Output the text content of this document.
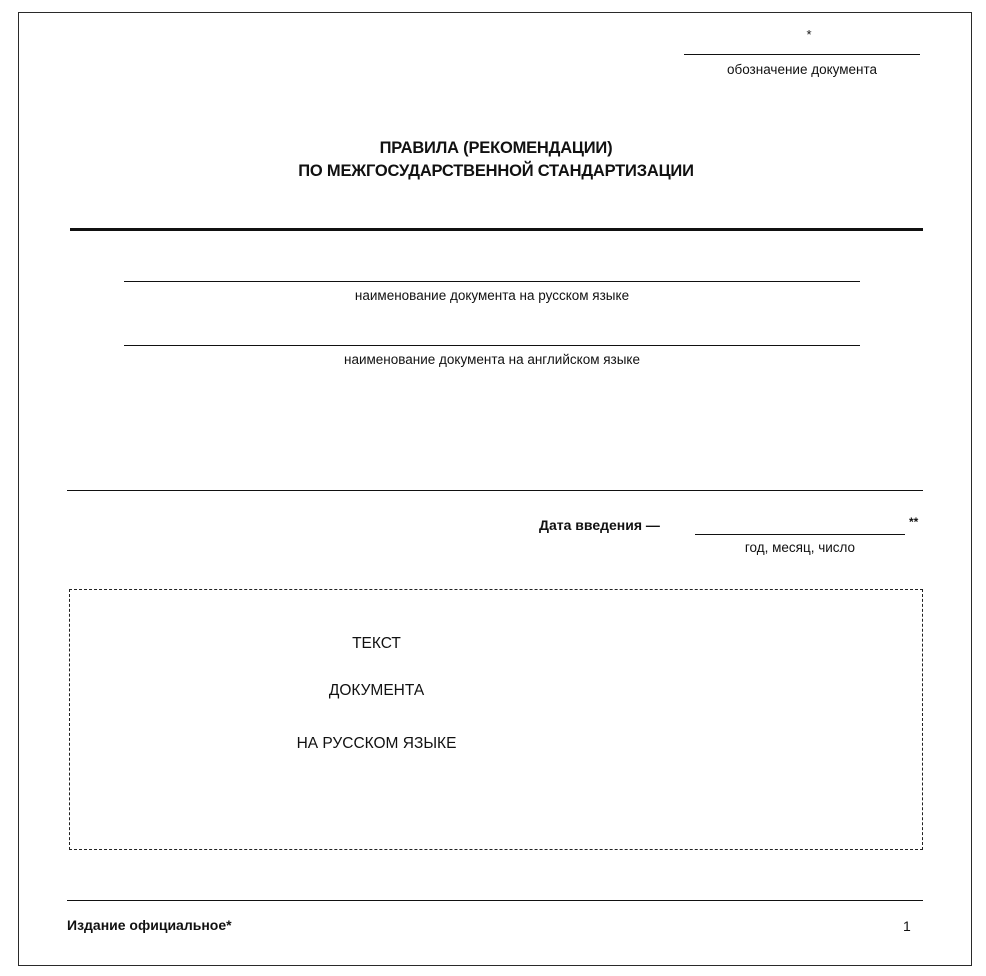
*
обозначение документа
ПРАВИЛА (РЕКОМЕНДАЦИИ)
ПО МЕЖГОСУДАРСТВЕННОЙ СТАНДАРТИЗАЦИИ
наименование документа на русском языке
наименование документа на английском языке
Дата введения —	**
год, месяц, число
ТЕКСТ
ДОКУМЕНТА
НА РУССКОМ ЯЗЫКЕ
Издание официальное*	1
